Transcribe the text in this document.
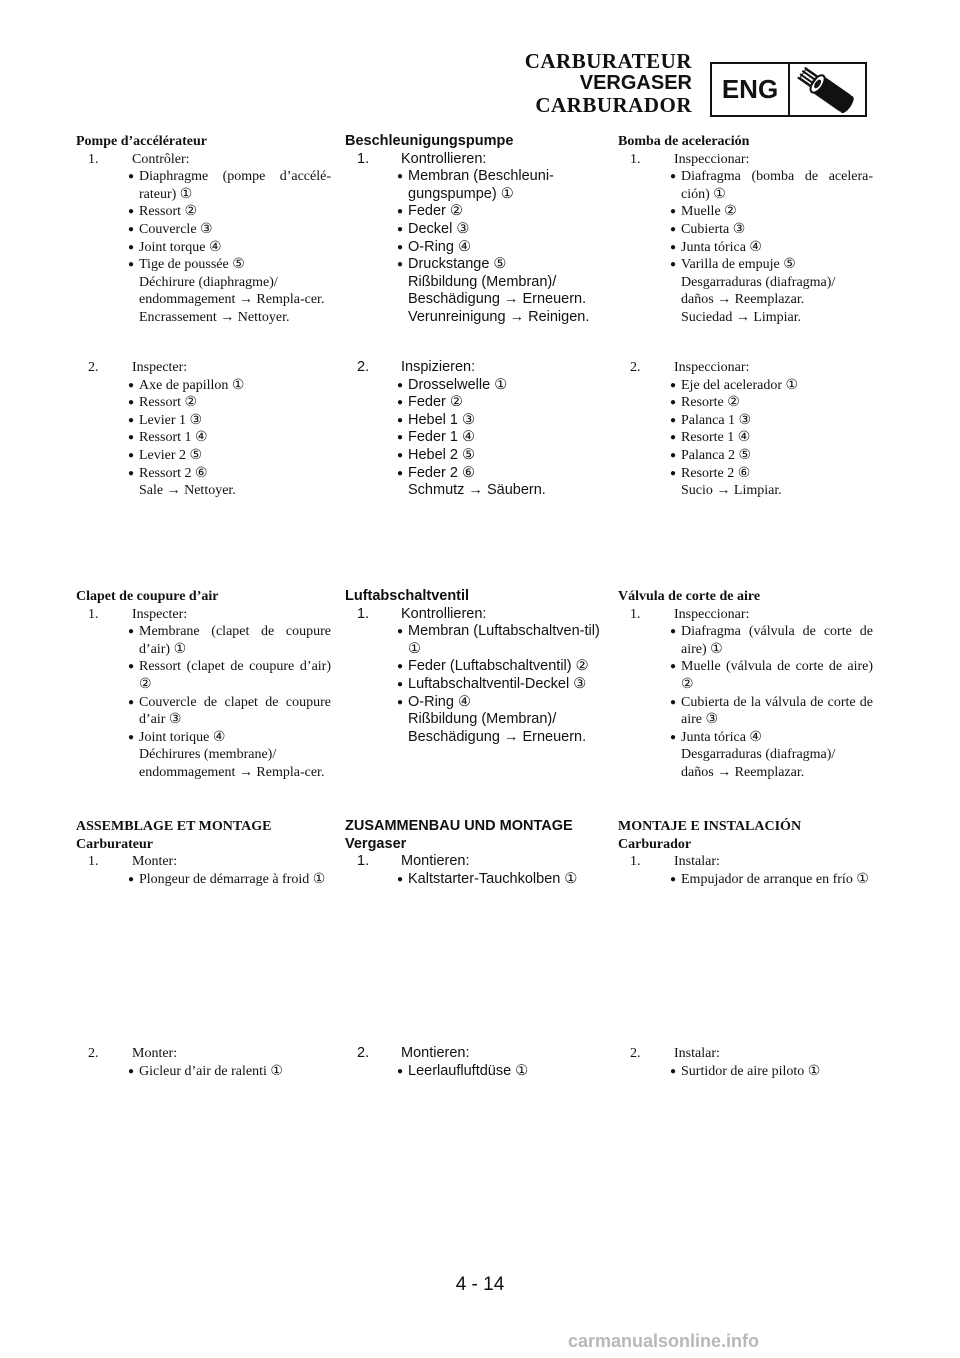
CARBURATEUR
VERGASER
CARBURADOR
ENG
Pompe d’accélérateur
1.	Contrôler:
● Diaphragme (pompe d’accélé-rateur) ①
● Ressort ②
● Couvercle ③
● Joint torque ④
● Tige de poussée ⑤
Déchirure (diaphragme)/
endommagement → Rempla-cer.
Encrassement → Nettoyer.
2.	Inspecter:
● Axe de papillon ①
● Ressort ②
● Levier 1 ③
● Ressort 1 ④
● Levier 2 ⑤
● Ressort 2 ⑥
Sale → Nettoyer.
Clapet de coupure d’air
1.	Inspecter:
● Membrane (clapet de coupure d’air) ①
● Ressort (clapet de coupure d’air) ②
● Couvercle de clapet de coupure d’air ③
● Joint torique ④
Déchirures (membrane)/
endommagement → Rempla-cer.
ASSEMBLAGE ET MONTAGE
Carburateur
1.	Monter:
● Plongeur de démarrage à froid ①
2.	Monter:
● Gicleur d’air de ralenti ①
Beschleunigungspumpe
1.	Kontrollieren:
● Membran (Beschleuni-gungspumpe) ①
● Feder ②
● Deckel ③
● O-Ring ④
● Druckstange ⑤
Rißbildung (Membran)/
Beschädigung → Erneuern.
Verunreinigung → Reinigen.
2.	Inspizieren:
● Drosselwelle ①
● Feder ②
● Hebel 1 ③
● Feder 1 ④
● Hebel 2 ⑤
● Feder 2 ⑥
Schmutz → Säubern.
Luftabschaltventil
1.	Kontrollieren:
● Membran (Luftabschaltven-til) ①
● Feder (Luftabschaltventil) ②
● Luftabschaltventil-Deckel ③
● O-Ring ④
Rißbildung (Membran)/
Beschädigung → Erneuern.
ZUSAMMENBAU UND MONTAGE
Vergaser
1.	Montieren:
● Kaltstarter-Tauchkolben ①
2.	Montieren:
● Leerlaufluftdüse ①
Bomba de aceleración
1.	Inspeccionar:
● Diafragma (bomba de acelera-ción) ①
● Muelle ②
● Cubierta ③
● Junta tórica ④
● Varilla de empuje ⑤
Desgarraduras (diafragma)/
daños → Reemplazar.
Suciedad → Limpiar.
2.	Inspeccionar:
● Eje del acelerador ①
● Resorte ②
● Palanca 1 ③
● Resorte 1 ④
● Palanca 2 ⑤
● Resorte 2 ⑥
Sucio → Limpiar.
Válvula de corte de aire
1.	Inspeccionar:
● Diafragma (válvula de corte de aire) ①
● Muelle (válvula de corte de aire) ②
● Cubierta de la válvula de corte de aire ③
● Junta tórica ④
Desgarraduras (diafragma)/
daños → Reemplazar.
MONTAJE E INSTALACIÓN
Carburador
1.	Instalar:
● Empujador de arranque en frío ①
2.	Instalar:
● Surtidor de aire piloto ①
4 - 14
carmanualsonline.info
